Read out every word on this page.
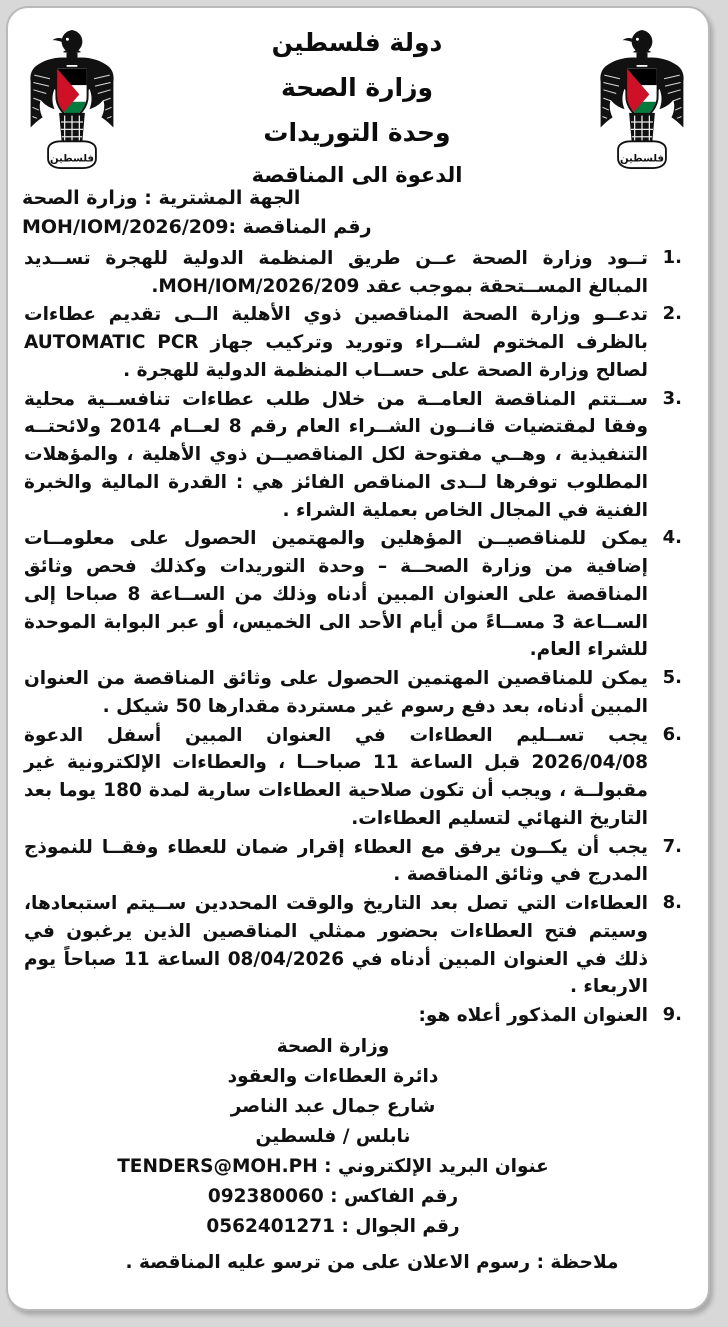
فلسطين
دولة فلسطين
وزارة الصحة
وحدة التوريدات
الدعوة الى المناقصة
فلسطين
الجهة المشترية : وزارة الصحة
رقم المناقصة :MOH/IOM/2026/209
تــود وزارة الصحة عــن طريق المنظمة الدولية للهجرة تســديد المبالغ المســتحقة بموجب عقد MOH/IOM/2026/209.
تدعــو وزارة الصحة المناقصين ذوي الأهلية الــى تقديم عطاءات بالظرف المختوم لشــراء وتوريد وتركيب جهاز AUTOMATIC PCR لصالح وزارة الصحة على حســاب المنظمة الدولية للهجرة .
ســتتم المناقصة العامــة من خلال طلب عطاءات تنافســية محلية وفقا لمقتضيات قانــون الشــراء العام رقم 8 لعــام 2014 ولائحتــه التنفيذية ، وهــي مفتوحة لكل المناقصيــن ذوي الأهلية ، والمؤهلات المطلوب توفرها لــدى المناقص الفائز هي : القدرة المالية والخبرة الفنية في المجال الخاص بعملية الشراء .
يمكن للمناقصيــن المؤهلين والمهتمين الحصول على معلومــات إضافية من وزارة الصحــة – وحدة التوريدات وكذلك فحص وثائق المناقصة على العنوان المبين أدناه وذلك من الســاعة 8 صباحا إلى الســاعة 3 مســاءً من أيام الأحد الى الخميس، أو عبر البوابة الموحدة للشراء العام.
يمكن للمناقصين المهتمين الحصول على وثائق المناقصة من العنوان المبين أدناه، بعد دفع رسوم غير مستردة مقدارها 50 شيكل .
يجب تســليم العطاءات في العنوان المبين أسفل الدعوة 2026/04/08 قبل الساعة 11 صباحــا ، والعطاءات الإلكترونية غير مقبولــة ، ويجب أن تكون صلاحية العطاءات سارية لمدة 180 يوما بعد التاريخ النهائي لتسليم العطاءات.
يجب أن يكــون يرفق مع العطاء إقرار ضمان للعطاء وفقــا للنموذج المدرج في وثائق المناقصة .
العطاءات التي تصل بعد التاريخ والوقت المحددين ســيتم استبعادها، وسيتم فتح العطاءات بحضور ممثلي المناقصين الذين يرغبون في ذلك في العنوان المبين أدناه في 08/04/2026 الساعة 11 صباحاً يوم الاربعاء .
العنوان المذكور أعلاه هو:
وزارة الصحة
دائرة العطاءات والعقود
شارع جمال عبد الناصر
نابلس / فلسطين
عنوان البريد الإلكتروني : TENDERS@MOH.PH
رقم الفاكس : 092380060
رقم الجوال : 0562401271
ملاحظة : رسوم الاعلان على من ترسو عليه المناقصة .
